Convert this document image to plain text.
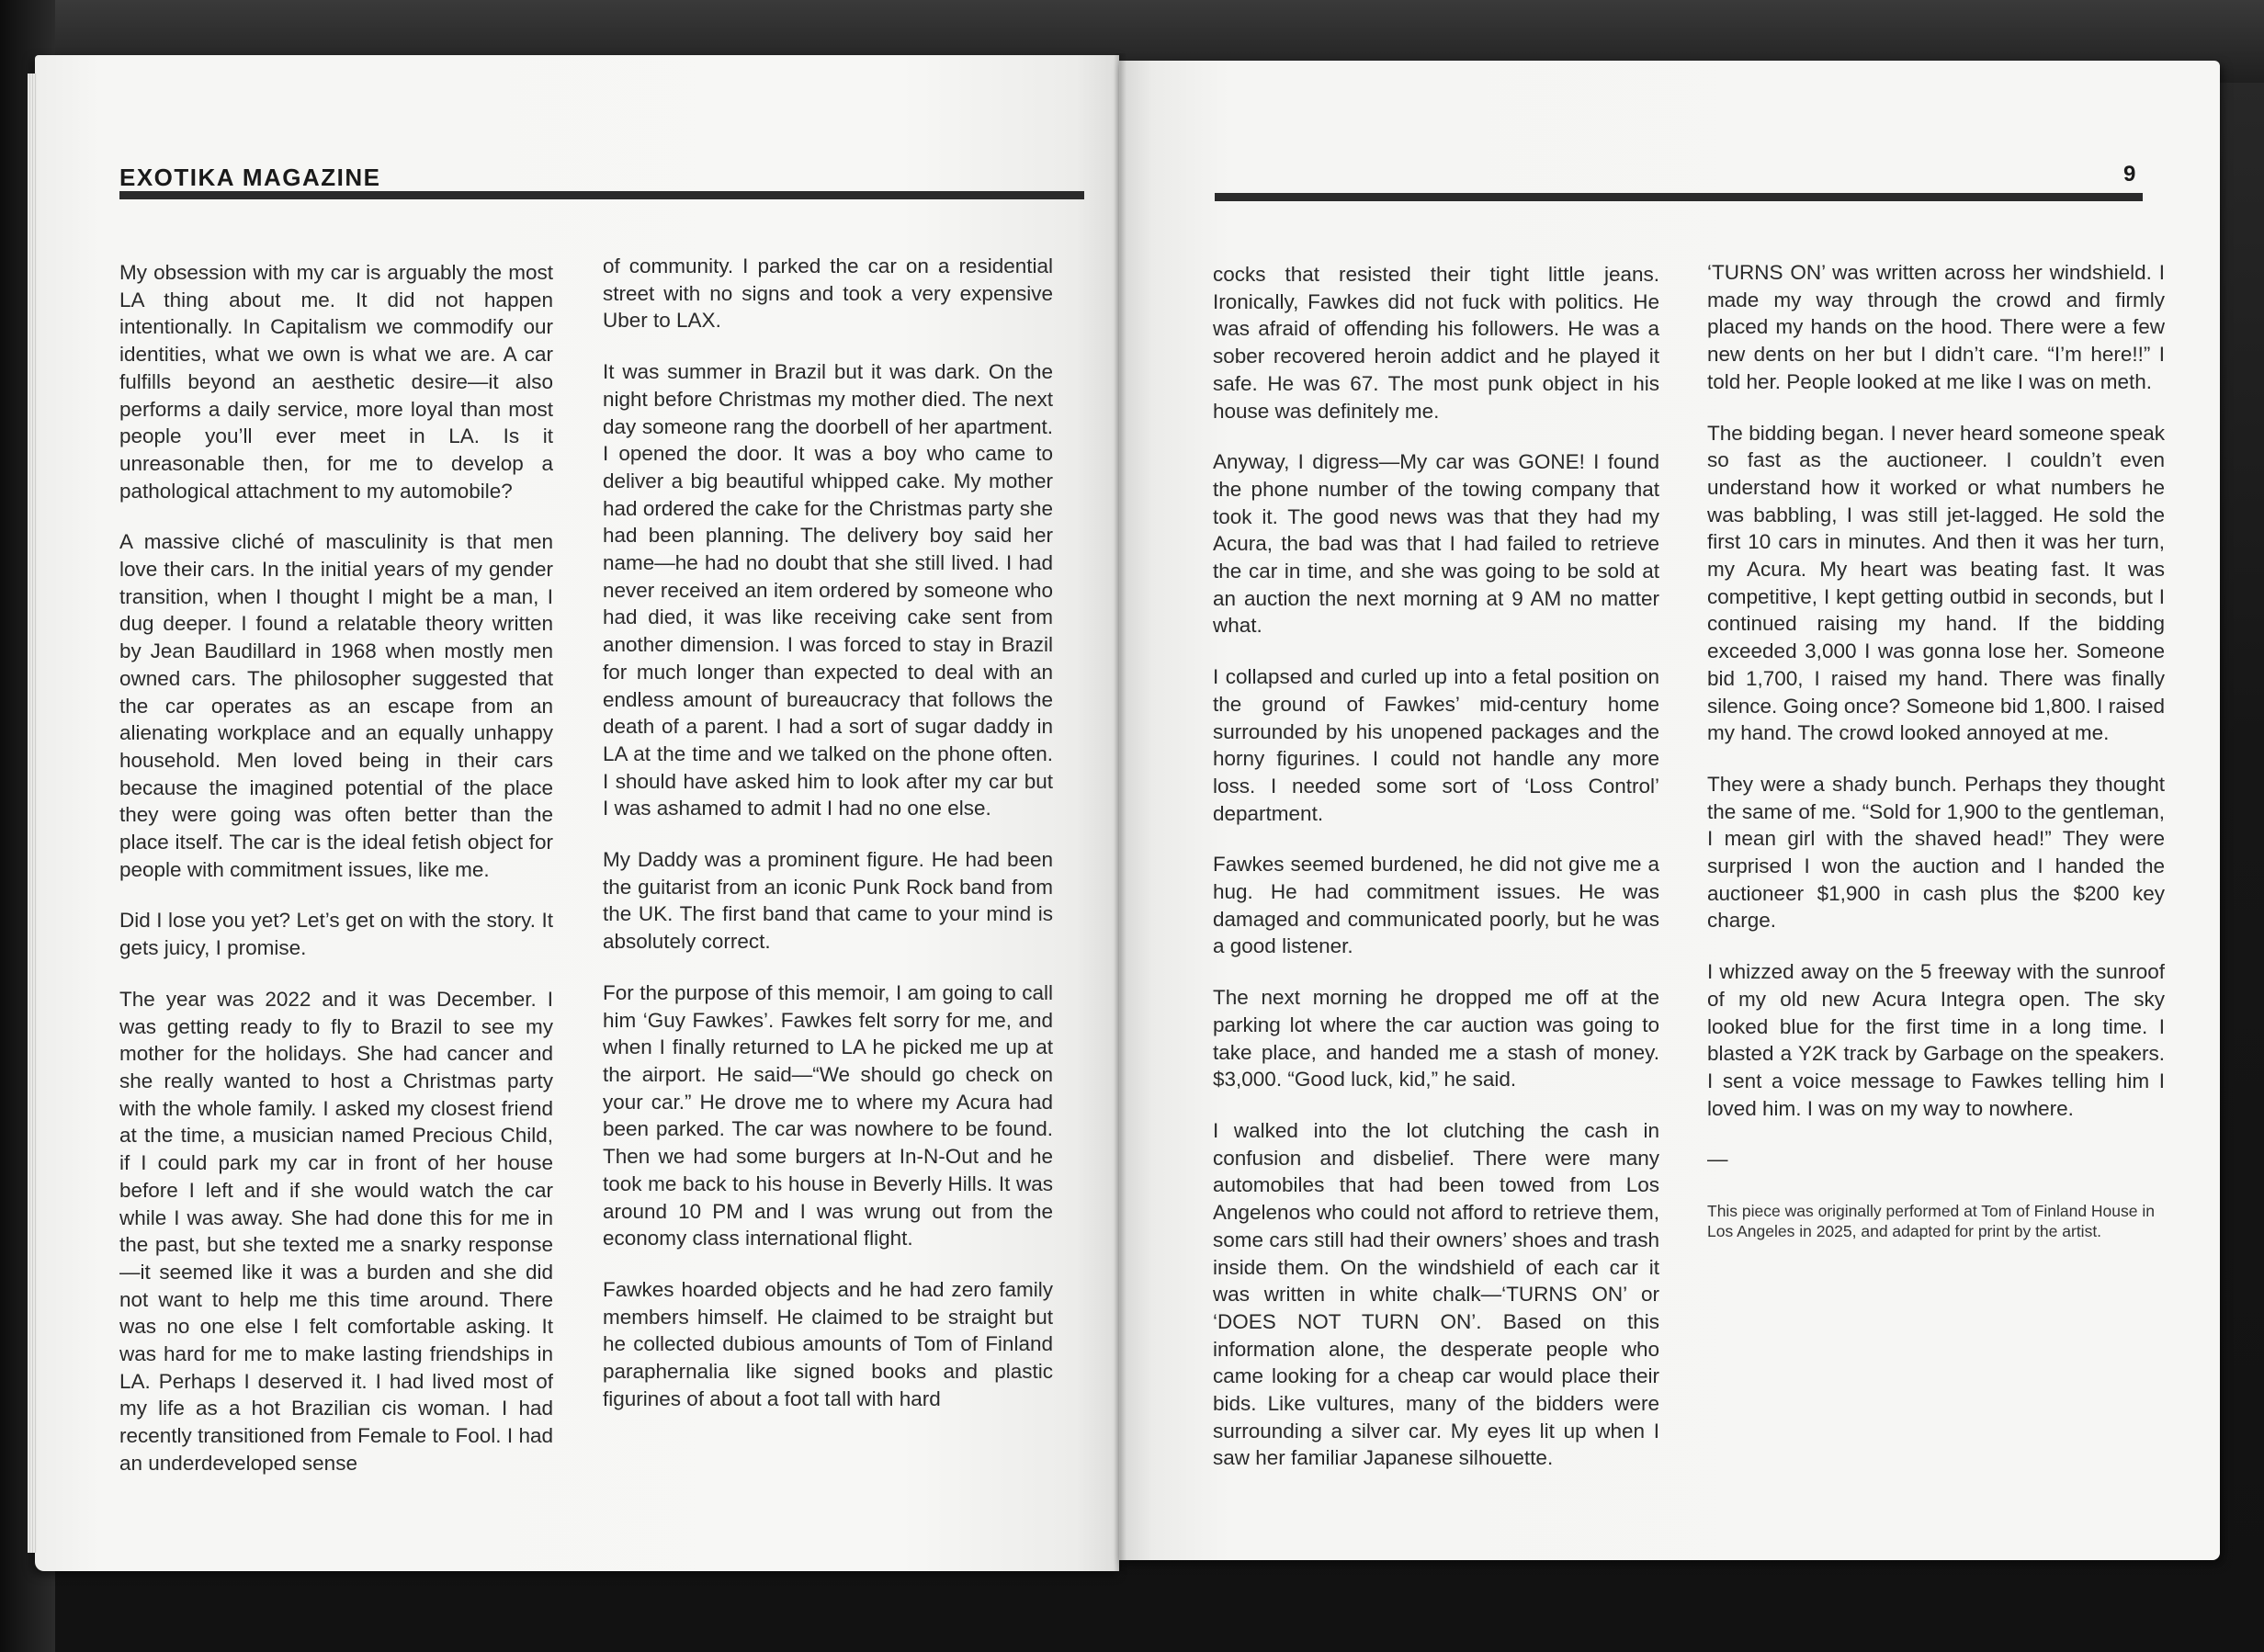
EXOTIKA MAGAZINE

My obsession with my car is arguably the most LA thing about me. It did not happen intentionally. In Capitalism we commodify our identities, what we own is what we are. A car fulfills beyond an aesthetic desire—it also performs a daily service, more loyal than most people you’ll ever meet in LA. Is it unreasonable then, for me to develop a pathological attachment to my automobile?

A massive cliché of masculinity is that men love their cars. In the initial years of my gender transition, when I thought I might be a man, I dug deeper. I found a relatable theory written by Jean Baudillard in 1968 when mostly men owned cars. The philosopher suggested that the car operates as an escape from an alienating workplace and an equally unhappy household. Men loved being in their cars because the imagined potential of the place they were going was often better than the place itself. The car is the ideal fetish object for people with commitment issues, like me.

Did I lose you yet? Let’s get on with the story. It gets juicy, I promise.

The year was 2022 and it was December. I was getting ready to fly to Brazil to see my mother for the holidays. She had cancer and she really wanted to host a Christmas party with the whole family. I asked my closest friend at the time, a musician named Precious Child, if I could park my car in front of her house before I left and if she would watch the car while I was away. She had done this for me in the past, but she texted me a snarky response—it seemed like it was a burden and she did not want to help me this time around. There was no one else I felt comfortable asking. It was hard for me to make lasting friendships in LA. Perhaps I deserved it. I had lived most of my life as a hot Brazilian cis woman. I had recently transitioned from Female to Fool. I had an underdeveloped sense

of community. I parked the car on a residential street with no signs and took a very expensive Uber to LAX.

It was summer in Brazil but it was dark. On the night before Christmas my mother died. The next day someone rang the doorbell of her apartment. I opened the door. It was a boy who came to deliver a big beautiful whipped cake. My mother had ordered the cake for the Christmas party she had been planning. The delivery boy said her name—he had no doubt that she still lived. I had never received an item ordered by someone who had died, it was like receiving cake sent from another dimension. I was forced to stay in Brazil for much longer than expected to deal with an endless amount of bureaucracy that follows the death of a parent. I had a sort of sugar daddy in LA at the time and we talked on the phone often. I should have asked him to look after my car but I was ashamed to admit I had no one else.

My Daddy was a prominent figure. He had been the guitarist from an iconic Punk Rock band from the UK. The first band that came to your mind is absolutely correct.

For the purpose of this memoir, I am going to call him ‘Guy Fawkes’. Fawkes felt sorry for me, and when I finally returned to LA he picked me up at the airport. He said—“We should go check on your car.” He drove me to where my Acura had been parked. The car was nowhere to be found. Then we had some burgers at In-N-Out and he took me back to his house in Beverly Hills. It was around 10 PM and I was wrung out from the economy class international flight.

Fawkes hoarded objects and he had zero family members himself. He claimed to be straight but he collected dubious amounts of Tom of Finland paraphernalia like signed books and plastic figurines of about a foot tall with hard

9

cocks that resisted their tight little jeans. Ironically, Fawkes did not fuck with politics. He was afraid of offending his followers. He was a sober recovered heroin addict and he played it safe. He was 67. The most punk object in his house was definitely me.

Anyway, I digress—My car was GONE! I found the phone number of the towing company that took it. The good news was that they had my Acura, the bad was that I had failed to retrieve the car in time, and she was going to be sold at an auction the next morning at 9 AM no matter what.

I collapsed and curled up into a fetal position on the ground of Fawkes’ mid-century home surrounded by his unopened packages and the horny figurines. I could not handle any more loss. I needed some sort of ‘Loss Control’ department.

Fawkes seemed burdened, he did not give me a hug. He had commitment issues. He was damaged and communicated poorly, but he was a good listener.

The next morning he dropped me off at the parking lot where the car auction was going to take place, and handed me a stash of money. $3,000. “Good luck, kid,” he said.

I walked into the lot clutching the cash in confusion and disbelief. There were many automobiles that had been towed from Los Angelenos who could not afford to retrieve them, some cars still had their owners’ shoes and trash inside them. On the windshield of each car it was written in white chalk—‘TURNS ON’ or ‘DOES NOT TURN ON’. Based on this information alone, the desperate people who came looking for a cheap car would place their bids. Like vultures, many of the bidders were surrounding a silver car. My eyes lit up when I saw her familiar Japanese silhouette.

‘TURNS ON’ was written across her windshield. I made my way through the crowd and firmly placed my hands on the hood. There were a few new dents on her but I didn’t care. “I’m here!!” I told her. People looked at me like I was on meth.

The bidding began. I never heard someone speak so fast as the auctioneer. I couldn’t even understand how it worked or what numbers he was babbling, I was still jet-lagged. He sold the first 10 cars in minutes. And then it was her turn, my Acura. My heart was beating fast. It was competitive, I kept getting outbid in seconds, but I continued raising my hand. If the bidding exceeded 3,000 I was gonna lose her. Someone bid 1,700, I raised my hand. There was finally silence. Going once? Someone bid 1,800. I raised my hand. The crowd looked annoyed at me.

They were a shady bunch. Perhaps they thought the same of me. “Sold for 1,900 to the gentleman, I mean girl with the shaved head!” They were surprised I won the auction and I handed the auctioneer $1,900 in cash plus the $200 key charge.

I whizzed away on the 5 freeway with the sunroof of my old new Acura Integra open. The sky looked blue for the first time in a long time. I blasted a Y2K track by Garbage on the speakers. I sent a voice message to Fawkes telling him I loved him. I was on my way to nowhere.

—

This piece was originally performed at Tom of Finland House in Los Angeles in 2025, and adapted for print by the artist.
